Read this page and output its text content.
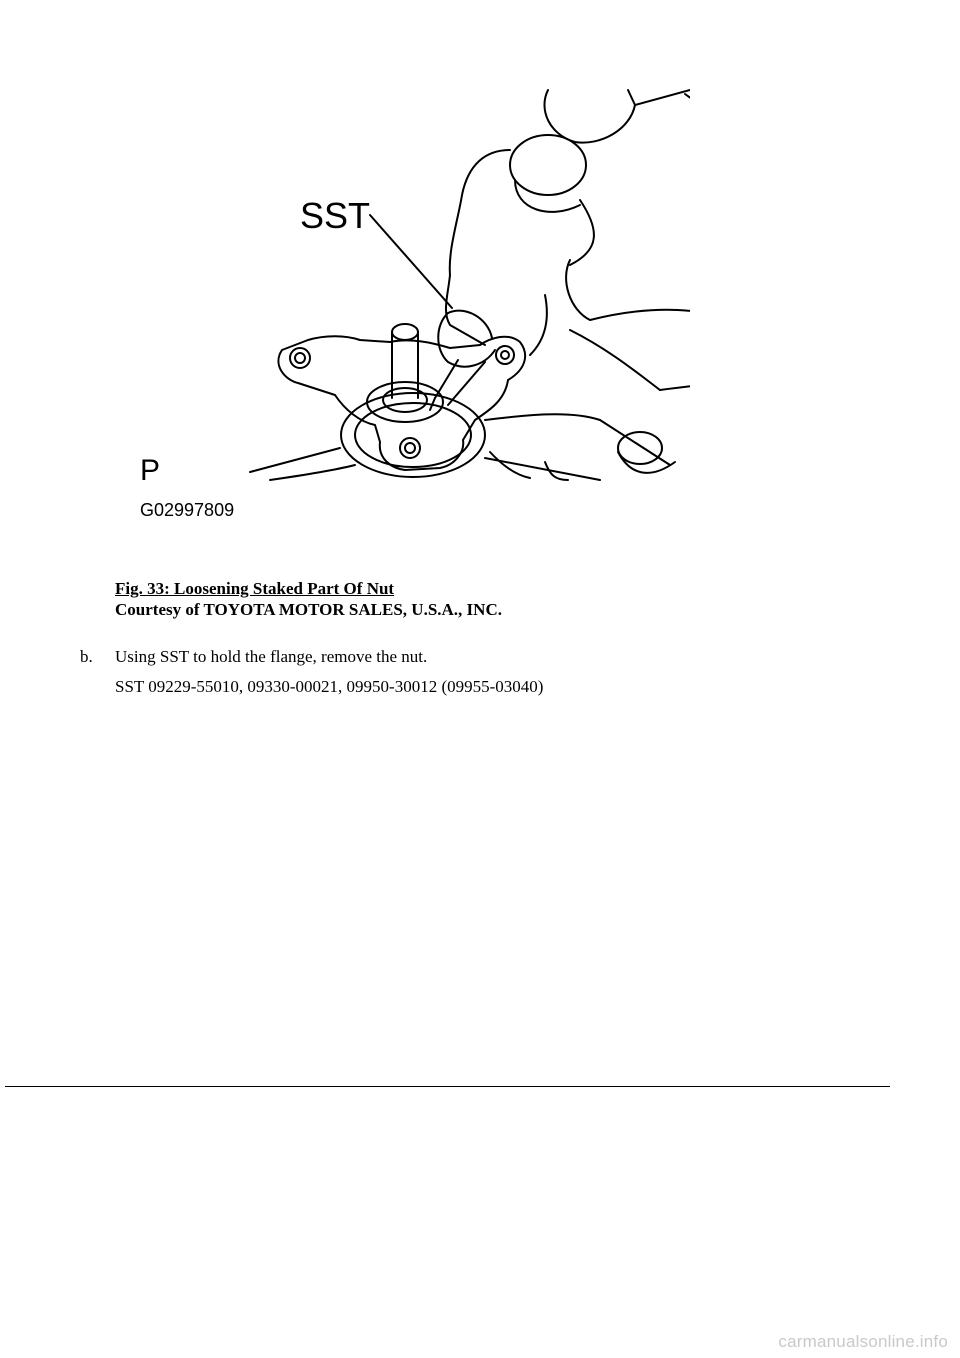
SST
P
G02997809
Fig. 33: Loosening Staked Part Of Nut
Courtesy of TOYOTA MOTOR SALES, U.S.A., INC.
b. Using SST to hold the flange, remove the nut.
SST 09229-55010, 09330-00021, 09950-30012 (09955-03040)
carmanualsonline.info
